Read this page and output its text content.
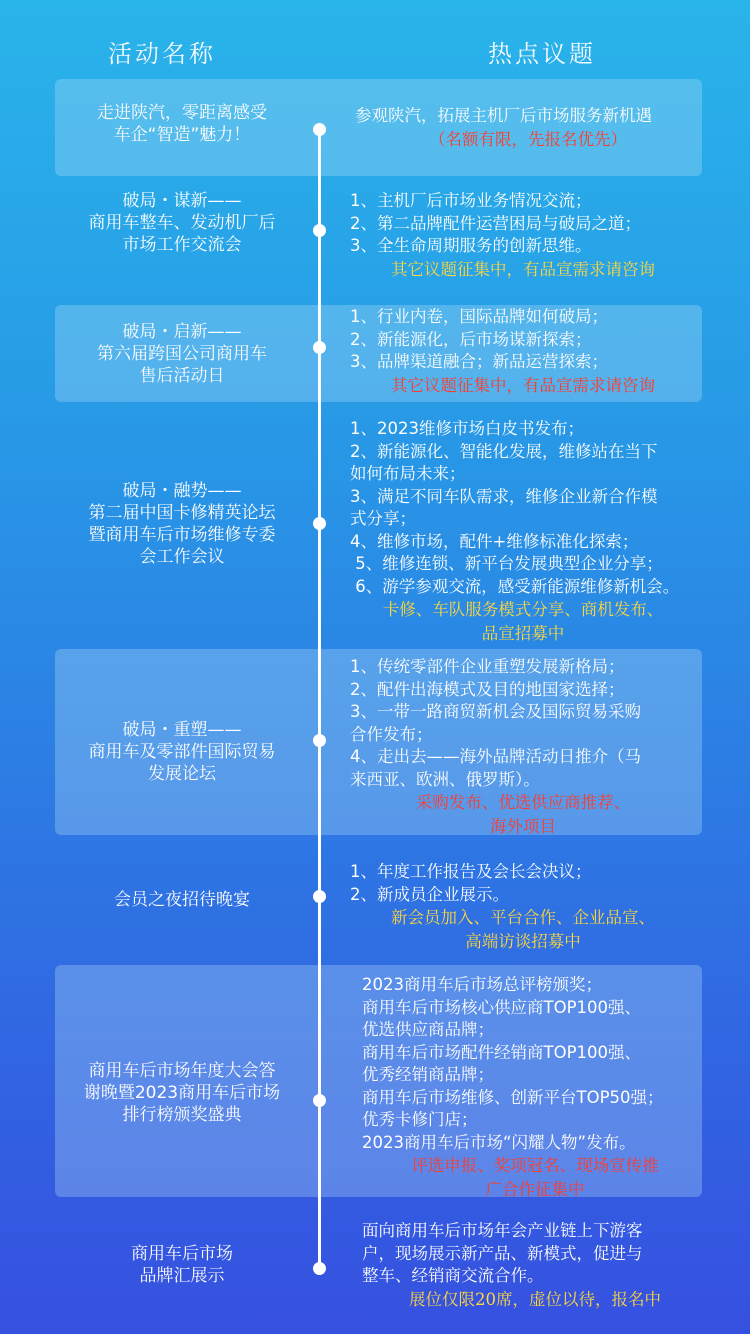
活动名称	热点议题
走进陕汽，零距离感受
车企“智造”魅力！
参观陕汽，拓展主机厂后市场服务新机遇
（名额有限，先报名优先）
破局・谋新——
商用车整车、发动机厂后
市场工作交流会
1、主机厂后市场业务情况交流；
2、第二品牌配件运营困局与破局之道；
3、全生命周期服务的创新思维。
其它议题征集中，有品宣需求请咨询
破局・启新——
第六届跨国公司商用车
售后活动日
1、行业内卷，国际品牌如何破局；
2、新能源化，后市场谋新探索；
3、品牌渠道融合；新品运营探索；
其它议题征集中，有品宣需求请咨询
破局・融势——
第二届中国卡修精英论坛
暨商用车后市场维修专委
会工作会议
1、2023维修市场白皮书发布；
2、新能源化、智能化发展，维修站在当下
如何布局未来；
3、满足不同车队需求，维修企业新合作模
式分享；
4、维修市场，配件+维修标准化探索；
5、维修连锁、新平台发展典型企业分享；
6、游学参观交流，感受新能源维修新机会。
卡修、车队服务模式分享、商机发布、
品宣招募中
破局・重塑——
商用车及零部件国际贸易
发展论坛
1、传统零部件企业重塑发展新格局；
2、配件出海模式及目的地国家选择；
3、一带一路商贸新机会及国际贸易采购
合作发布；
4、走出去——海外品牌活动日推介（马
来西亚、欧洲、俄罗斯）。
采购发布、优选供应商推荐、
海外项目
会员之夜招待晚宴
1、年度工作报告及会长会决议；
2、新成员企业展示。
新会员加入、平台合作、企业品宣、
高端访谈招募中
商用车后市场年度大会答
谢晚暨2023商用车后市场
排行榜颁奖盛典
2023商用车后市场总评榜颁奖；
商用车后市场核心供应商TOP100强、
优选供应商品牌；
商用车后市场配件经销商TOP100强、
优秀经销商品牌；
商用车后市场维修、创新平台TOP50强；
优秀卡修门店；
2023商用车后市场“闪耀人物”发布。
评选申报、奖项冠名、现场宣传推
广合作征集中
商用车后市场
品牌汇展示
面向商用车后市场年会产业链上下游客
户，现场展示新产品、新模式，促进与
整车、经销商交流合作。
展位仅限20席，虚位以待，报名中
